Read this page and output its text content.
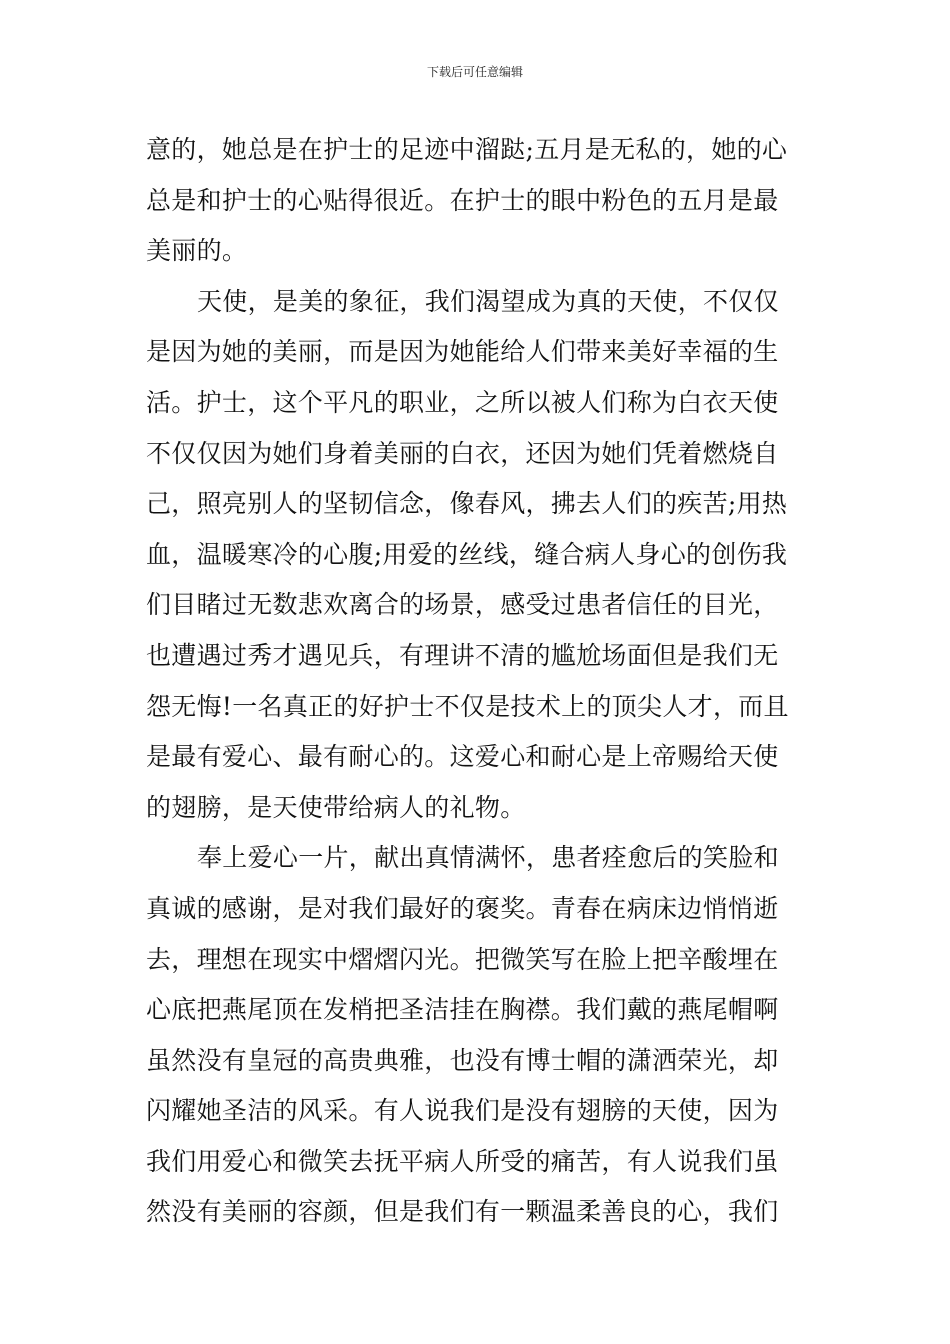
下载后可任意编辑
意的，她总是在护士的足迹中溜跶;五月是无私的，她的心
总是和护士的心贴得很近。在护士的眼中粉色的五月是最
美丽的。
天使，是美的象征，我们渴望成为真的天使，不仅仅
是因为她的美丽，而是因为她能给人们带来美好幸福的生
活。护士，这个平凡的职业，之所以被人们称为白衣天使
不仅仅因为她们身着美丽的白衣，还因为她们凭着燃烧自
己，照亮别人的坚韧信念，像春风，拂去人们的疾苦;用热
血，温暖寒冷的心腹;用爱的丝线，缝合病人身心的创伤我
们目睹过无数悲欢离合的场景，感受过患者信任的目光，
也遭遇过秀才遇见兵，有理讲不清的尴尬场面但是我们无
怨无悔!一名真正的好护士不仅是技术上的顶尖人才，而且
是最有爱心、最有耐心的。这爱心和耐心是上帝赐给天使
的翅膀，是天使带给病人的礼物。
奉上爱心一片，献出真情满怀，患者痊愈后的笑脸和
真诚的感谢，是对我们最好的褒奖。青春在病床边悄悄逝
去，理想在现实中熠熠闪光。把微笑写在脸上把辛酸埋在
心底把燕尾顶在发梢把圣洁挂在胸襟。我们戴的燕尾帽啊
虽然没有皇冠的高贵典雅，也没有博士帽的潇洒荣光，却
闪耀她圣洁的风采。有人说我们是没有翅膀的天使，因为
我们用爱心和微笑去抚平病人所受的痛苦，有人说我们虽
然没有美丽的容颜，但是我们有一颗温柔善良的心，我们
